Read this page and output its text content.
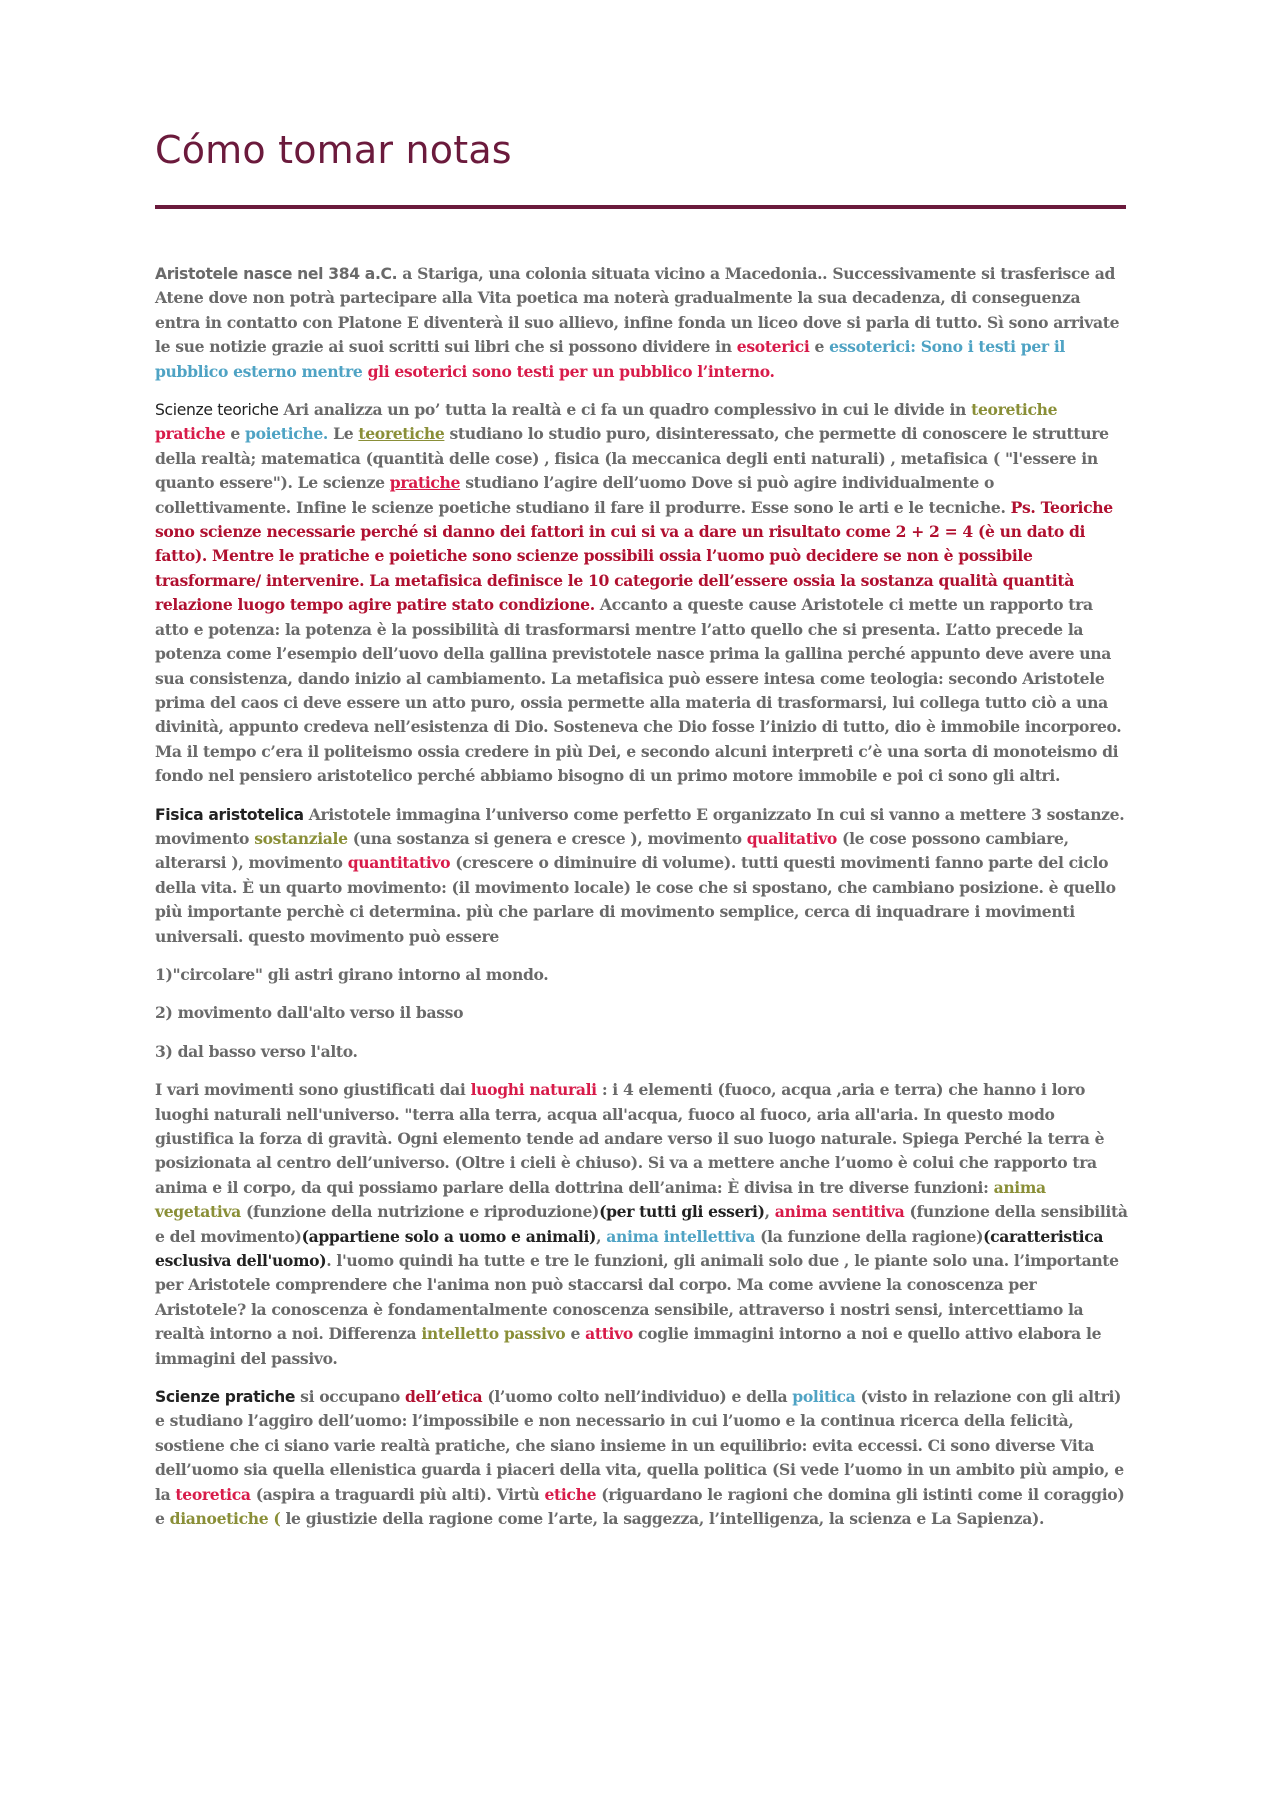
Cómo tomar notas

Aristotele nasce nel 384 a.C. a Stariga, una colonia situata vicino a Macedonia.. Successivamente si trasferisce ad Atene dove non potrà partecipare alla Vita poetica ma noterà gradualmente la sua decadenza, di conseguenza entra in contatto con Platone E diventerà il suo allievo, infine fonda un liceo dove si parla di tutto. Sì sono arrivate le sue notizie grazie ai suoi scritti sui libri che si possono dividere in esoterici e essoterici: Sono i testi per il pubblico esterno mentre gli esoterici sono testi per un pubblico l’interno.

Scienze teoriche Ari analizza un po’ tutta la realtà e ci fa un quadro complessivo in cui le divide in teoretiche pratiche e poietiche. Le teoretiche studiano lo studio puro, disinteressato, che permette di conoscere le strutture della realtà; matematica (quantità delle cose) , fisica (la meccanica degli enti naturali) , metafisica ( "l'essere in quanto essere"). Le scienze pratiche studiano l’agire dell’uomo Dove si può agire individualmente o collettivamente. Infine le scienze poetiche studiano il fare il produrre. Esse sono le arti e le tecniche. Ps. Teoriche sono scienze necessarie perché si danno dei fattori in cui si va a dare un risultato come 2 + 2 = 4 (è un dato di fatto). Mentre le pratiche e poietiche sono scienze possibili ossia l’uomo può decidere se non è possibile trasformare/ intervenire. La metafisica definisce le 10 categorie dell’essere ossia la sostanza qualità quantità relazione luogo tempo agire patire stato condizione. Accanto a queste cause Aristotele ci mette un rapporto tra atto e potenza: la potenza è la possibilità di trasformarsi mentre l’atto quello che si presenta. L’atto precede la potenza come l’esempio dell’uovo della gallina previstotele nasce prima la gallina perché appunto deve avere una sua consistenza, dando inizio al cambiamento. La metafisica può essere intesa come teologia: secondo Aristotele prima del caos ci deve essere un atto puro, ossia permette alla materia di trasformarsi, lui collega tutto ciò a una divinità, appunto credeva nell’esistenza di Dio. Sosteneva che Dio fosse l’inizio di tutto, dio è immobile incorporeo. Ma il tempo c’era il politeismo ossia credere in più Dei, e secondo alcuni interpreti c’è una sorta di monoteismo di fondo nel pensiero aristotelico perché abbiamo bisogno di un primo motore immobile e poi ci sono gli altri.

Fisica aristotelica Aristotele immagina l’universo come perfetto E organizzato In cui si vanno a mettere 3 sostanze. movimento sostanziale (una sostanza si genera e cresce ), movimento qualitativo (le cose possono cambiare, alterarsi ), movimento quantitativo (crescere o diminuire di volume). tutti questi movimenti fanno parte del ciclo della vita. È un quarto movimento: (il movimento locale) le cose che si spostano, che cambiano posizione. è quello più importante perchè ci determina. più che parlare di movimento semplice, cerca di inquadrare i movimenti universali. questo movimento può essere

1)"circolare" gli astri girano intorno al mondo.

2) movimento dall'alto verso il basso

3) dal basso verso l'alto.

I vari movimenti sono giustificati dai luoghi naturali : i 4 elementi (fuoco, acqua ,aria e terra) che hanno i loro luoghi naturali nell'universo. "terra alla terra, acqua all'acqua, fuoco al fuoco, aria all'aria. In questo modo giustifica la forza di gravità. Ogni elemento tende ad andare verso il suo luogo naturale. Spiega Perché la terra è posizionata al centro dell’universo. (Oltre i cieli è chiuso). Si va a mettere anche l’uomo è colui che rapporto tra anima e il corpo, da qui possiamo parlare della dottrina dell’anima: È divisa in tre diverse funzioni: anima vegetativa (funzione della nutrizione e riproduzione)(per tutti gli esseri), anima sentitiva (funzione della sensibilità e del movimento)(appartiene solo a uomo e animali), anima intellettiva (la funzione della ragione)(caratteristica esclusiva dell'uomo). l'uomo quindi ha tutte e tre le funzioni, gli animali solo due , le piante solo una. l’importante per Aristotele comprendere che l'anima non può staccarsi dal corpo. Ma come avviene la conoscenza per Aristotele? la conoscenza è fondamentalmente conoscenza sensibile, attraverso i nostri sensi, intercettiamo la realtà intorno a noi. Differenza intelletto passivo e attivo coglie immagini intorno a noi e quello attivo elabora le immagini del passivo.

Scienze pratiche si occupano dell’etica (l’uomo colto nell’individuo) e della politica (visto in relazione con gli altri) e studiano l’aggiro dell’uomo: l’impossibile e non necessario in cui l’uomo e la continua ricerca della felicità, sostiene che ci siano varie realtà pratiche, che siano insieme in un equilibrio: evita eccessi. Ci sono diverse Vita dell’uomo sia quella ellenistica guarda i piaceri della vita, quella politica (Si vede l’uomo in un ambito più ampio, e la teoretica (aspira a traguardi più alti). Virtù etiche (riguardano le ragioni che domina gli istinti come il coraggio) e dianoetiche ( le giustizie della ragione come l’arte, la saggezza, l’intelligenza, la scienza e La Sapienza).
